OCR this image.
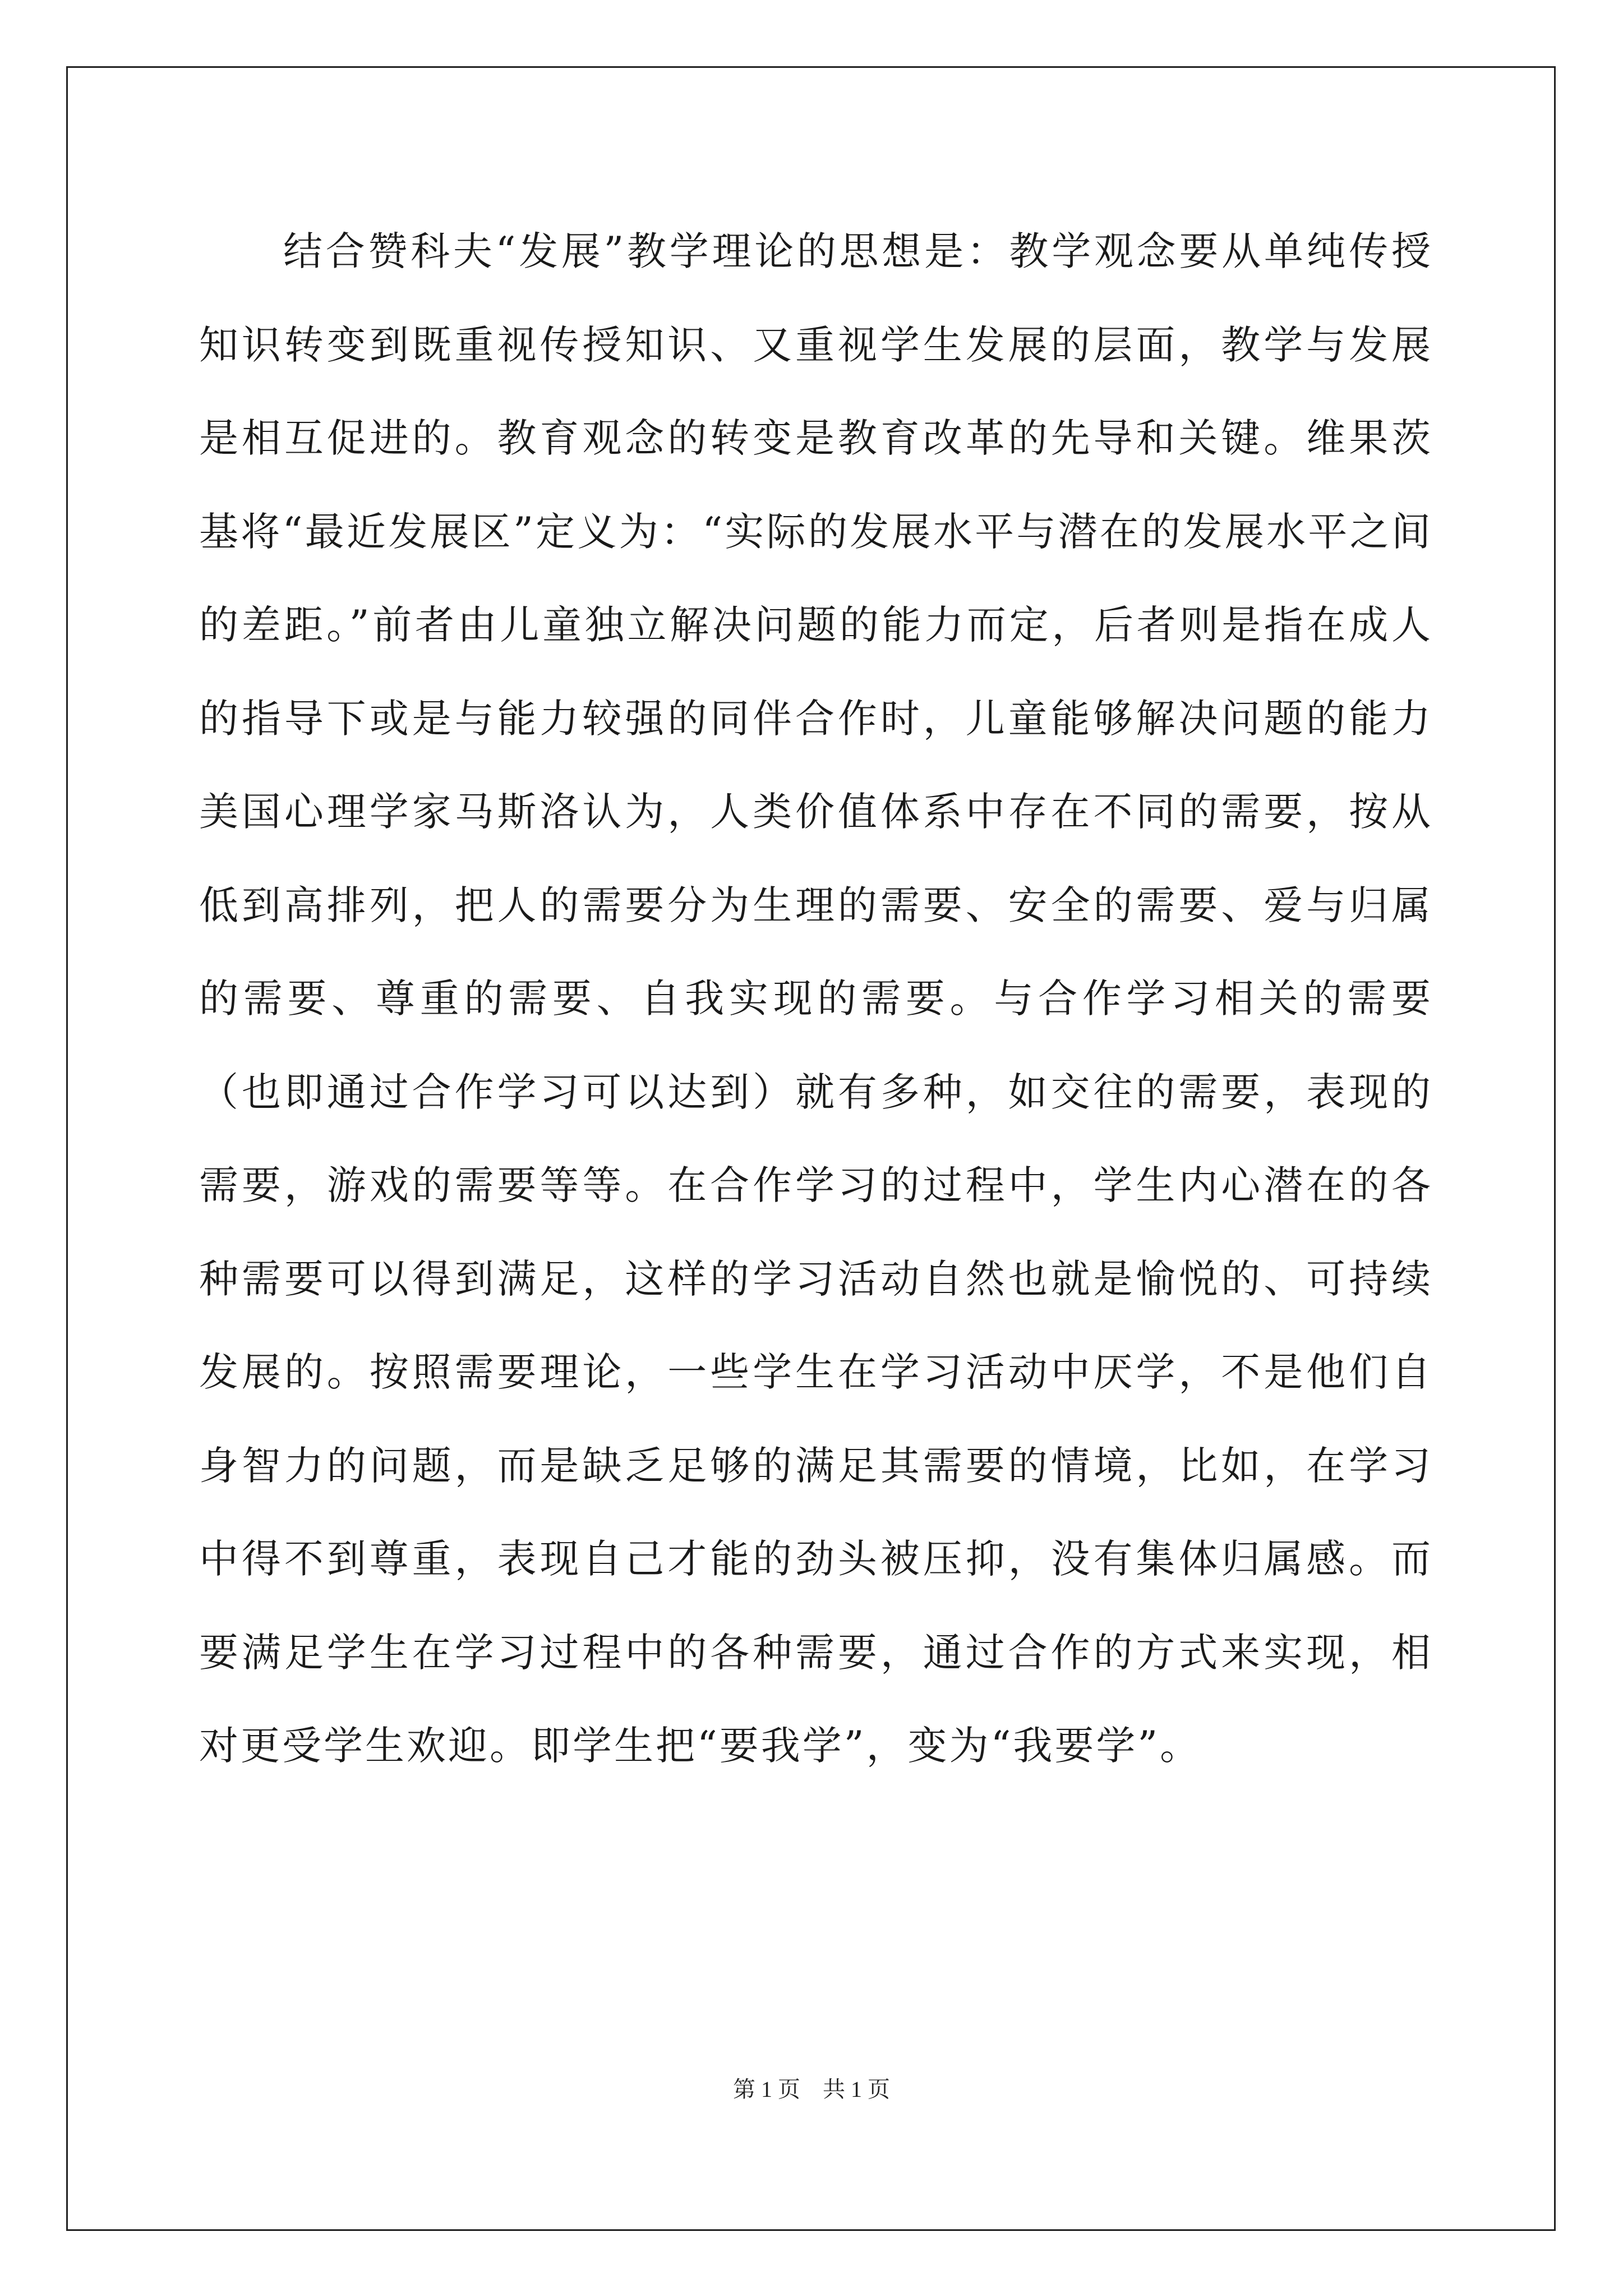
结合赞科夫“发展”教学理论的思想是：教学观念要从单纯传授知识转变到既重视传授知识、又重视学生发展的层面，教学与发展是相互促进的。教育观念的转变是教育改革的先导和关键。维果茨基将“最近发展区”定义为：“实际的发展水平与潜在的发展水平之间的差距。”前者由儿童独立解决问题的能力而定，后者则是指在成人的指导下或是与能力较强的同伴合作时，儿童能够解决问题的能力美国心理学家马斯洛认为，人类价值体系中存在不同的需要，按从低到高排列，把人的需要分为生理的需要、安全的需要、爱与归属的需要、尊重的需要、自我实现的需要。与合作学习相关的需要（也即通过合作学习可以达到）就有多种，如交往的需要，表现的需要，游戏的需要等等。在合作学习的过程中，学生内心潜在的各种需要可以得到满足，这样的学习活动自然也就是愉悦的、可持续发展的。按照需要理论，一些学生在学习活动中厌学，不是他们自身智力的问题，而是缺乏足够的满足其需要的情境，比如，在学习中得不到尊重，表现自己才能的劲头被压抑，没有集体归属感。而要满足学生在学习过程中的各种需要，通过合作的方式来实现，相对更受学生欢迎。即学生把“要我学”，变为“我要学”。

第 1 页    共 1 页
